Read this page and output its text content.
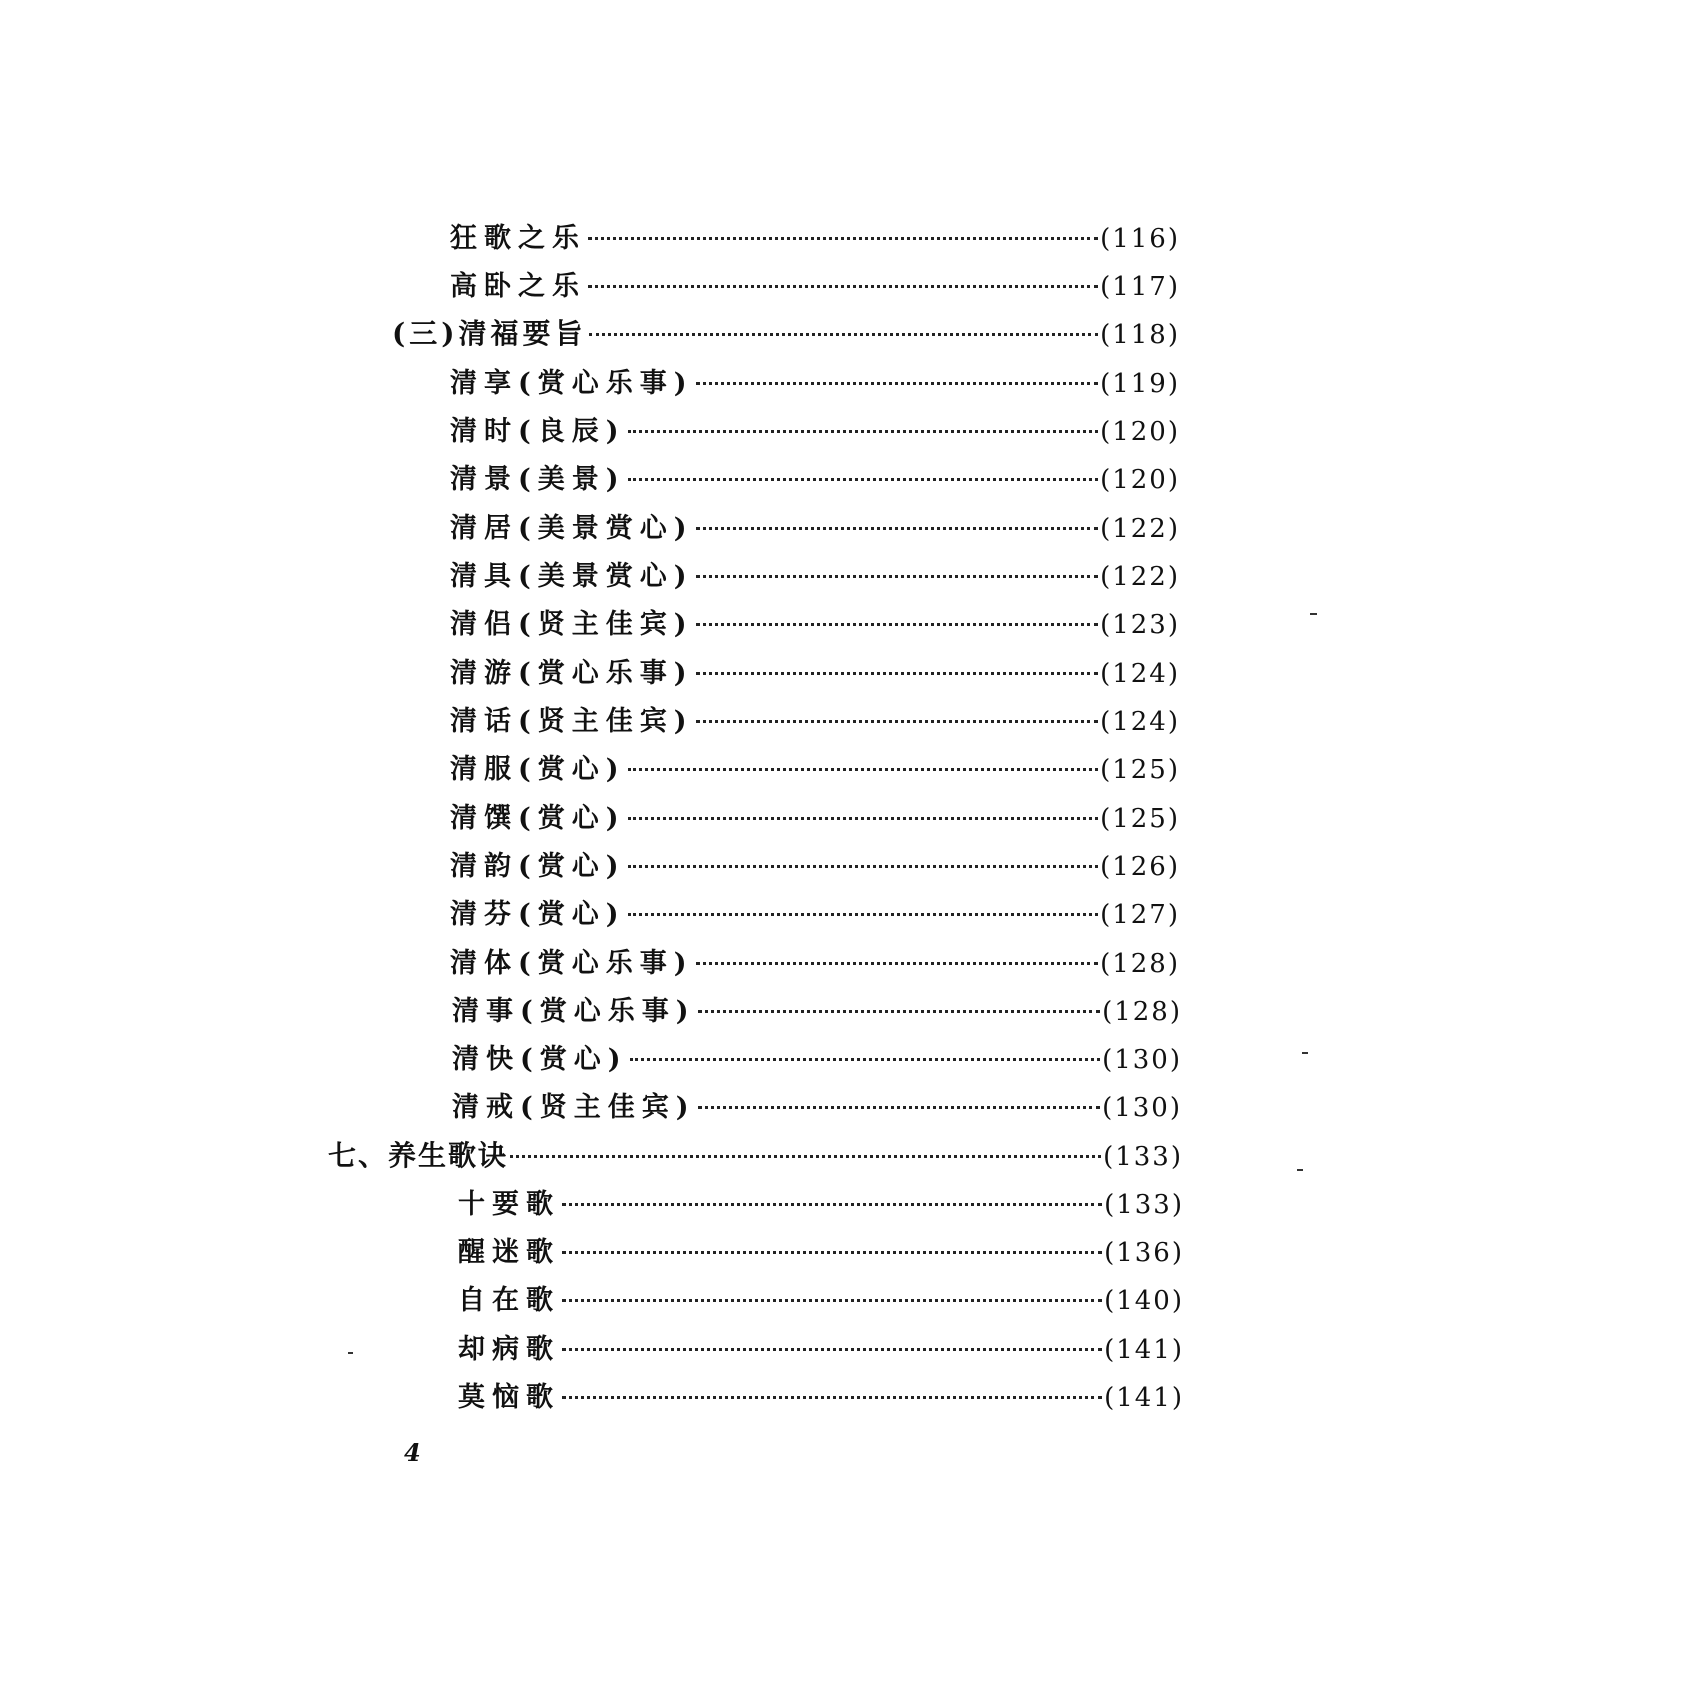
狂歌之乐	(116)
高卧之乐	(117)
(三)清福要旨	(118)
清享(赏心乐事)	(119)
清时(良辰)	(120)
清景(美景)	(120)
清居(美景赏心)	(122)
清具(美景赏心)	(122)
清侣(贤主佳宾)	(123)
清游(赏心乐事)	(124)
清话(贤主佳宾)	(124)
清服(赏心)	(125)
清馔(赏心)	(125)
清韵(赏心)	(126)
清芬(赏心)	(127)
清体(赏心乐事)	(128)
清事(赏心乐事)	(128)
清快(赏心)	(130)
清戒(贤主佳宾)	(130)
七、养生歌诀	(133)
十要歌	(133)
醒迷歌	(136)
自在歌	(140)
却病歌	(141)
莫恼歌	(141)
4
